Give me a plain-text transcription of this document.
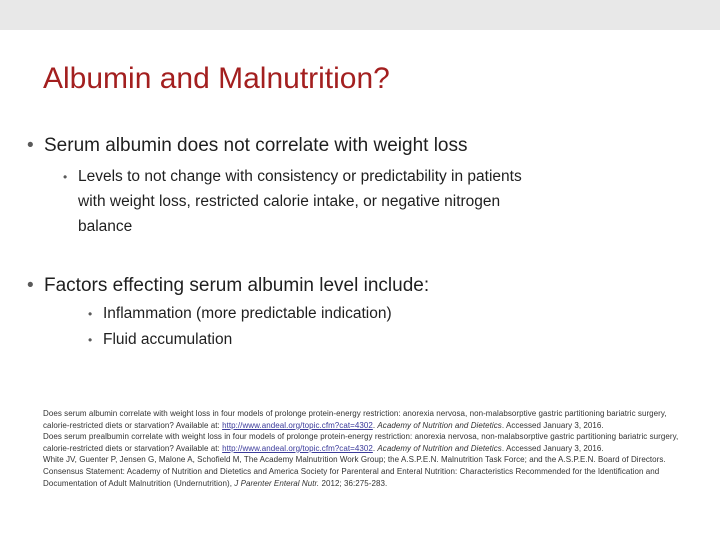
Albumin and Malnutrition?
• Serum albumin does not correlate with weight loss
• Levels to not change with consistency or predictability in patients
with weight loss, restricted calorie intake, or negative nitrogen
balance
• Factors effecting serum albumin level include:
• Inflammation (more predictable indication)
• Fluid accumulation

Does serum albumin correlate with weight loss in four models of prolonge protein-energy restriction: anorexia nervosa, non-malabsorptive gastric partitioning bariatric surgery, calorie-restricted diets or starvation? Available at: http://www.andeal.org/topic.cfm?cat=4302. Academy of Nutrition and Dietetics. Accessed January 3, 2016.

Does serum prealbumin correlate with weight loss in four models of prolonge protein-energy restriction: anorexia nervosa, non-malabsorptive gastric partitioning bariatric surgery, calorie-restricted diets or starvation? Available at: http://www.andeal.org/topic.cfm?cat=4302. Academy of Nutrition and Dietetics. Accessed January 3, 2016.

White JV, Guenter P, Jensen G, Malone A, Schofield M, The Academy Malnutrition Work Group; the A.S.P.E.N. Malnutrition Task Force; and the A.S.P.E.N. Board of Directors. Consensus Statement: Academy of Nutrition and Dietetics and America Society for Parenteral and Enteral Nutrition: Characteristics Recommended for the Identification and Documentation of Adult Malnutrition (Undernutrition), J Parenter Enteral Nutr. 2012; 36:275-283.
